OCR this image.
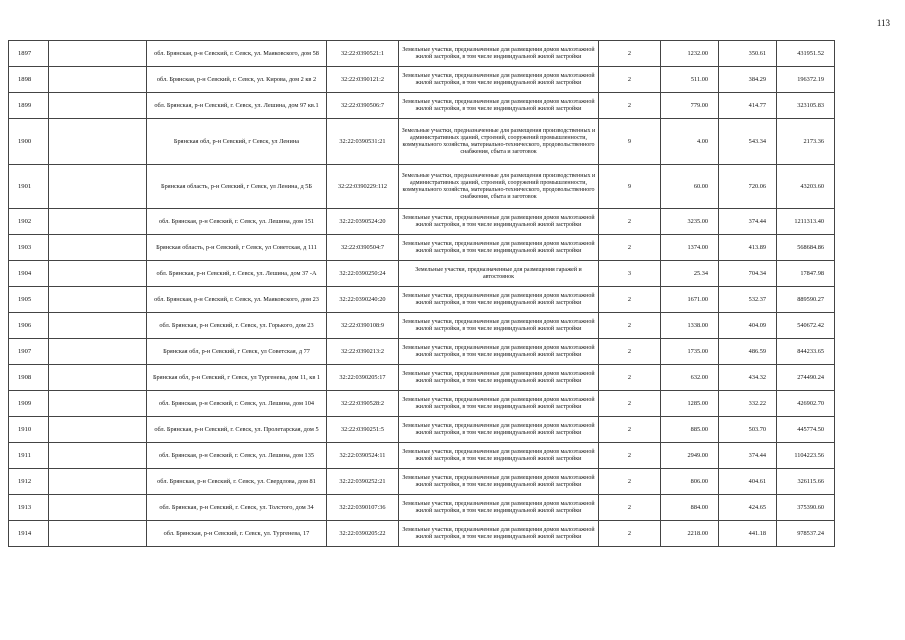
113
1897		обл. Брянская, р-н Севский, г. Севск, ул. Маяковского, дом 58	32:22:0390521:1	Земельные участки, предназначенные для размещения домов малоэтажной жилой застройки, в том числе индивидуальной жилой застройки	2	1232.00	350.61	431951.52
1898		обл. Брянская, р-н Севский, г. Севск, ул. Кирова, дом 2 кв 2	32:22:0390121:2	Земельные участки, предназначенные для размещения домов малоэтажной жилой застройки, в том числе индивидуальной жилой застройки	2	511.00	384.29	196372.19
1899		обл. Брянская, р-н Севский, г. Севск, ул. Лешина, дом 97 кв.1	32:22:0390506:7	Земельные участки, предназначенные для размещения домов малоэтажной жилой застройки, в том числе индивидуальной жилой застройки	2	779.00	414.77	323105.83
1900		Брянская обл, р-н Севский, г Севск, ул Ленина	32:22:0390531:21	Земельные участки, предназначенные для размещения производственных и административных зданий, строений, сооружений промышленности, коммунального хозяйства, материально-технического, продовольственного снабжения, сбыта и заготовок	9	4.00	543.34	2173.36
1901		Брянская область, р-н Севский, г Севск, ул Ленина, д 5Б	32:22:0390229:112	Земельные участки, предназначенные для размещения производственных и административных зданий, строений, сооружений промышленности, коммунального хозяйства, материально-технического, продовольственного снабжения, сбыта и заготовок	9	60.00	720.06	43203.60
1902		обл. Брянская, р-н Севский, г. Севск, ул. Лешина, дом 151	32:22:0390524:20	Земельные участки, предназначенные для размещения домов малоэтажной жилой застройки, в том числе индивидуальной жилой застройки	2	3235.00	374.44	1211313.40
1903		Брянская область, р-н Севский, г Севск, ул Советская, д 111	32:22:0390504:7	Земельные участки, предназначенные для размещения домов малоэтажной жилой застройки, в том числе индивидуальной жилой застройки	2	1374.00	413.89	568684.86
1904		обл. Брянская, р-н Севский, г. Севск, ул. Лешина, дом 37 -А	32:22:0390250:24	Земельные участки, предназначенные для размещения гаражей и автостоянок	3	25.34	704.34	17847.98
1905		обл. Брянская, р-н Севский, г. Севск, ул. Маяковского, дом 23	32:22:0390240:20	Земельные участки, предназначенные для размещения домов малоэтажной жилой застройки, в том числе индивидуальной жилой застройки	2	1671.00	532.37	889590.27
1906		обл. Брянская, р-н Севский, г. Севск, ул. Горького, дом 23	32:22:0390108:9	Земельные участки, предназначенные для размещения домов малоэтажной жилой застройки, в том числе индивидуальной жилой застройки	2	1338.00	404.09	540672.42
1907		Брянская обл, р-н Севский, г Севск, ул Советская, д 77	32:22:0390213:2	Земельные участки, предназначенные для размещения домов малоэтажной жилой застройки, в том числе индивидуальной жилой застройки	2	1735.00	486.59	844233.65
1908		Брянская обл, р-н Севский, г Севск, ул Тургенева, дом 11, кв 1	32:22:0390205:17	Земельные участки, предназначенные для размещения домов малоэтажной жилой застройки, в том числе индивидуальной жилой застройки	2	632.00	434.32	274490.24
1909		обл. Брянская, р-н Севский, г. Севск, ул. Лешина, дом 104	32:22:0390528:2	Земельные участки, предназначенные для размещения домов малоэтажной жилой застройки, в том числе индивидуальной жилой застройки	2	1285.00	332.22	426902.70
1910		обл. Брянская, р-н Севский, г. Севск, ул. Пролетарская, дом 5	32:22:0390251:5	Земельные участки, предназначенные для размещения домов малоэтажной жилой застройки, в том числе индивидуальной жилой застройки	2	885.00	503.70	445774.50
1911		обл. Брянская, р-н Севский, г. Севск, ул. Лешина, дом 135	32:22:0390524:11	Земельные участки, предназначенные для размещения домов малоэтажной жилой застройки, в том числе индивидуальной жилой застройки	2	2949.00	374.44	1104223.56
1912		обл. Брянская, р-н Севский, г. Севск, ул. Свердлова, дом 81	32:22:0390252:21	Земельные участки, предназначенные для размещения домов малоэтажной жилой застройки, в том числе индивидуальной жилой застройки	2	806.00	404.61	326115.66
1913		обл. Брянская, р-н Севский, г. Севск, ул. Толстого, дом 34	32:22:0390107:36	Земельные участки, предназначенные для размещения домов малоэтажной жилой застройки, в том числе индивидуальной жилой застройки	2	884.00	424.65	375390.60
1914		обл. Брянская, р-н Севский, г. Севск, ул. Тургенева, 17	32:22:0390205:22	Земельные участки, предназначенные для размещения домов малоэтажной жилой застройки, в том числе индивидуальной жилой застройки	2	2218.00	441.18	978537.24
